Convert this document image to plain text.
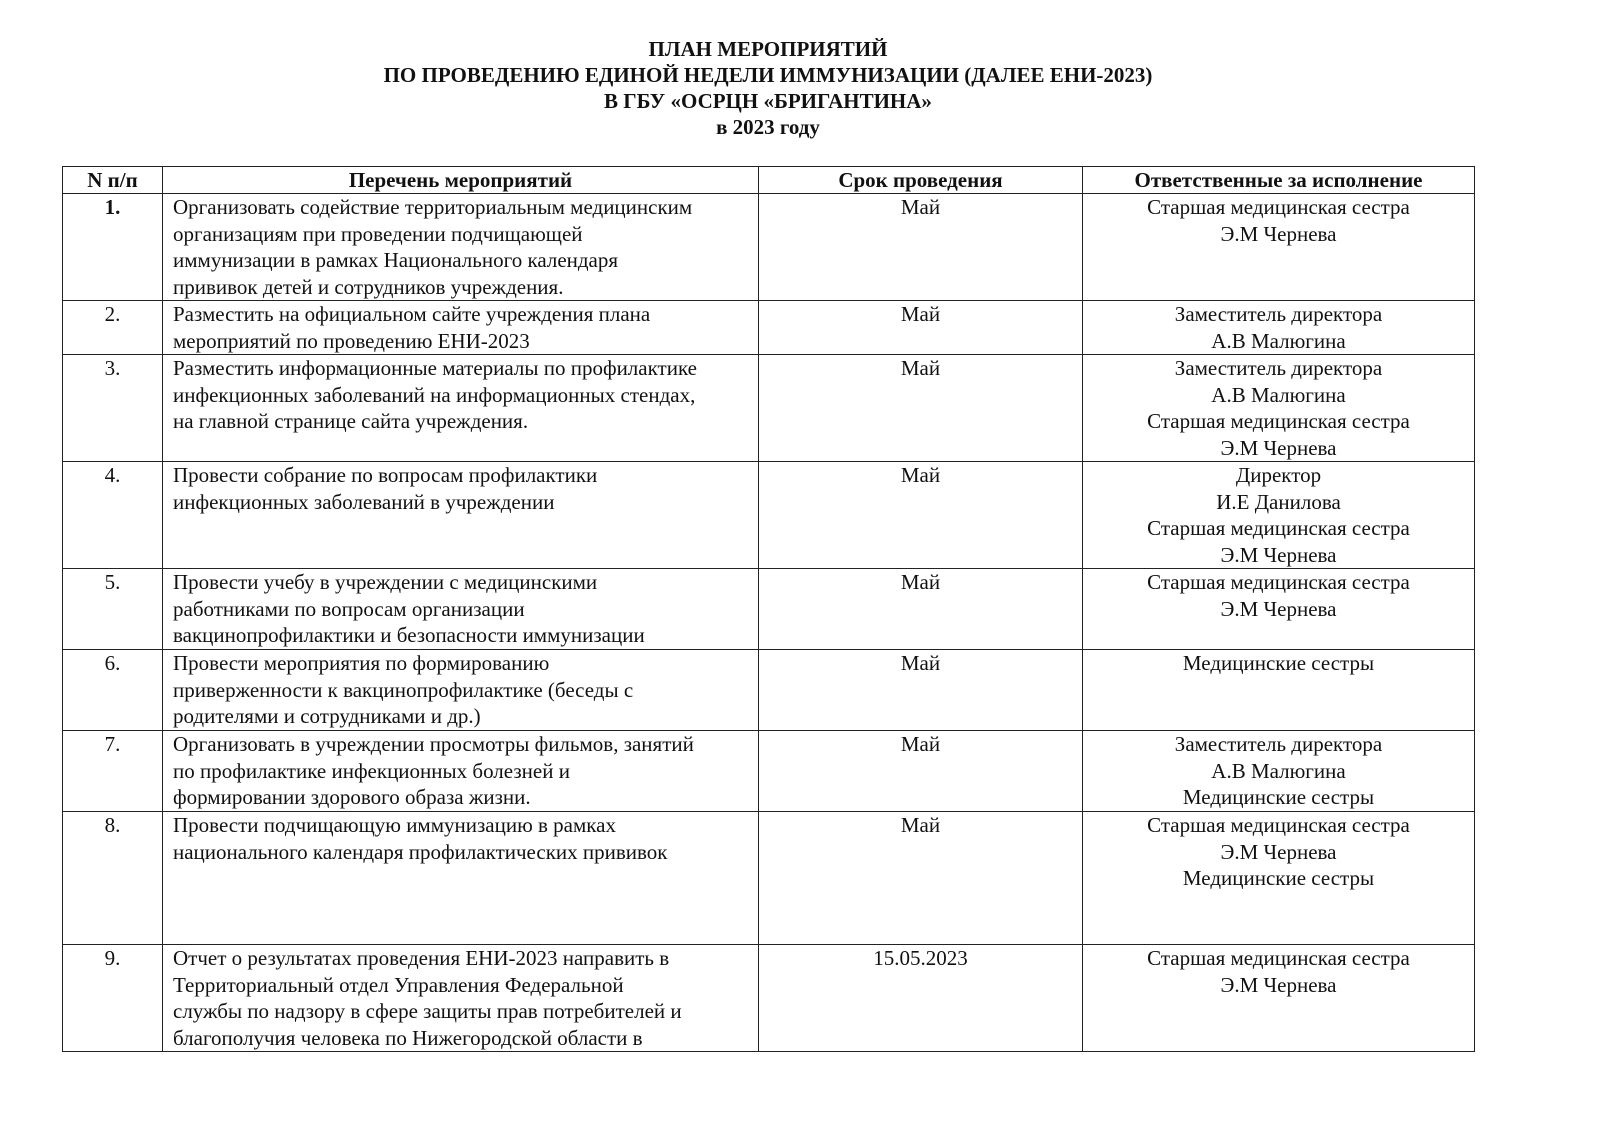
ПЛАН МЕРОПРИЯТИЙ
ПО ПРОВЕДЕНИЮ ЕДИНОЙ НЕДЕЛИ ИММУНИЗАЦИИ (ДАЛЕЕ ЕНИ-2023)
В ГБУ «ОСРЦН «БРИГАНТИНА»
в 2023 году
N п/п	Перечень мероприятий	Срок проведения	Ответственные за исполнение
1.	Организовать содействие территориальным медицинским
организациям при проведении подчищающей
иммунизации в рамках Национального календаря
прививок детей и сотрудников учреждения.	Май	Старшая медицинская сестра
Э.М Чернева

2.	Разместить на официальном сайте учреждения плана
мероприятий по проведению ЕНИ-2023	Май	Заместитель директора
А.В Малюгина

3.	Разместить информационные материалы по профилактике
инфекционных заболеваний на информационных стендах,
на главной странице сайта учреждения.	Май	Заместитель директора
А.В Малюгина
Старшая медицинская сестра
Э.М Чернева

4.	Провести собрание по вопросам профилактики
инфекционных заболеваний в учреждении	Май	Директор
И.Е Данилова
Старшая медицинская сестра
Э.М Чернева

5.	Провести учебу в учреждении с медицинскими
работниками по вопросам организации
вакцинопрофилактики и безопасности иммунизации	Май	Старшая медицинская сестра
Э.М Чернева

6.	Провести мероприятия по формированию
приверженности к вакцинопрофилактике (беседы с
родителями и сотрудниками и др.)	Май	Медицинские сестры

7.	Организовать в учреждении просмотры фильмов, занятий
по профилактике инфекционных болезней и
формировании здорового образа жизни.	Май	Заместитель директора
А.В Малюгина
Медицинские сестры

8.	Провести подчищающую иммунизацию в рамках
национального календаря профилактических прививок	Май	Старшая медицинская сестра
Э.М Чернева
Медицинские сестры

9.	Отчет о результатах проведения ЕНИ-2023 направить в
Территориальный отдел Управления Федеральной
службы по надзору в сфере защиты прав потребителей и
благополучия человека по Нижегородской области в	15.05.2023	Старшая медицинская сестра
Э.М Чернева
